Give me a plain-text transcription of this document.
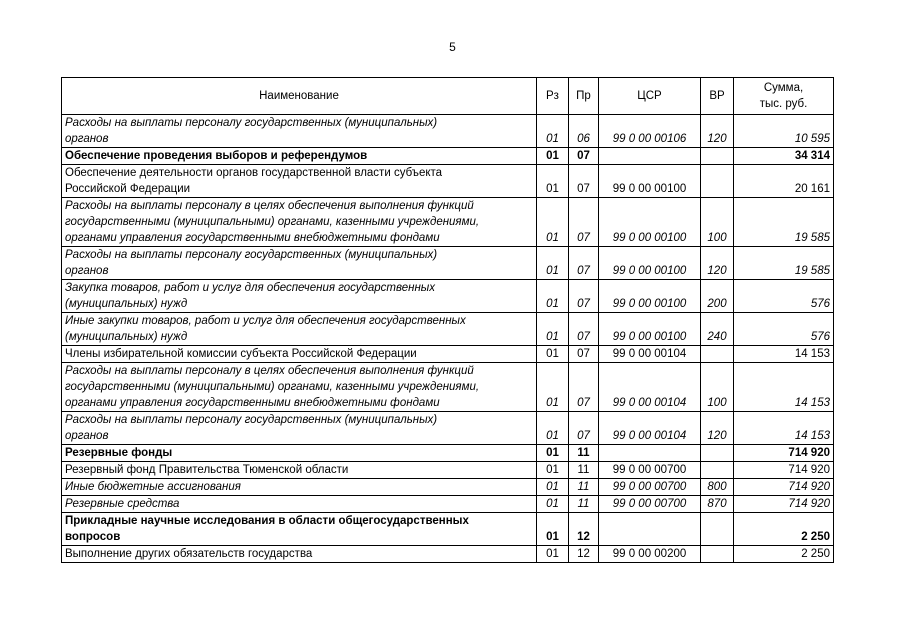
5
Наименование	Рз	Пр	ЦСР	ВР	Сумма,
тыс. руб.

Расходы на выплаты персоналу государственных (муниципальных)
органов	01	06	99 0 00 00106	120	10 595

Обеспечение проведения выборов и референдумов	01	07			34 314

Обеспечение деятельности органов государственной власти субъекта
Российской Федерации	01	07	99 0 00 00100		20 161

Расходы на выплаты персоналу в целях обеспечения выполнения функций
государственными (муниципальными) органами, казенными учреждениями,
органами управления государственными внебюджетными фондами	01	07	99 0 00 00100	100	19 585

Расходы на выплаты персоналу государственных (муниципальных)
органов	01	07	99 0 00 00100	120	19 585

Закупка товаров, работ и услуг для обеспечения государственных
(муниципальных) нужд	01	07	99 0 00 00100	200	576

Иные закупки товаров, работ и услуг для обеспечения государственных
(муниципальных) нужд	01	07	99 0 00 00100	240	576

Члены избирательной комиссии субъекта Российской Федерации	01	07	99 0 00 00104		14 153

Расходы на выплаты персоналу в целях обеспечения выполнения функций
государственными (муниципальными) органами, казенными учреждениями,
органами управления государственными внебюджетными фондами	01	07	99 0 00 00104	100	14 153

Расходы на выплаты персоналу государственных (муниципальных)
органов	01	07	99 0 00 00104	120	14 153

Резервные фонды	01	11			714 920

Резервный фонд Правительства Тюменской области	01	11	99 0 00 00700		714 920

Иные бюджетные ассигнования	01	11	99 0 00 00700	800	714 920

Резервные средства	01	11	99 0 00 00700	870	714 920

Прикладные научные исследования в области общегосударственных
вопросов	01	12			2 250

Выполнение других обязательств государства	01	12	99 0 00 00200		2 250
